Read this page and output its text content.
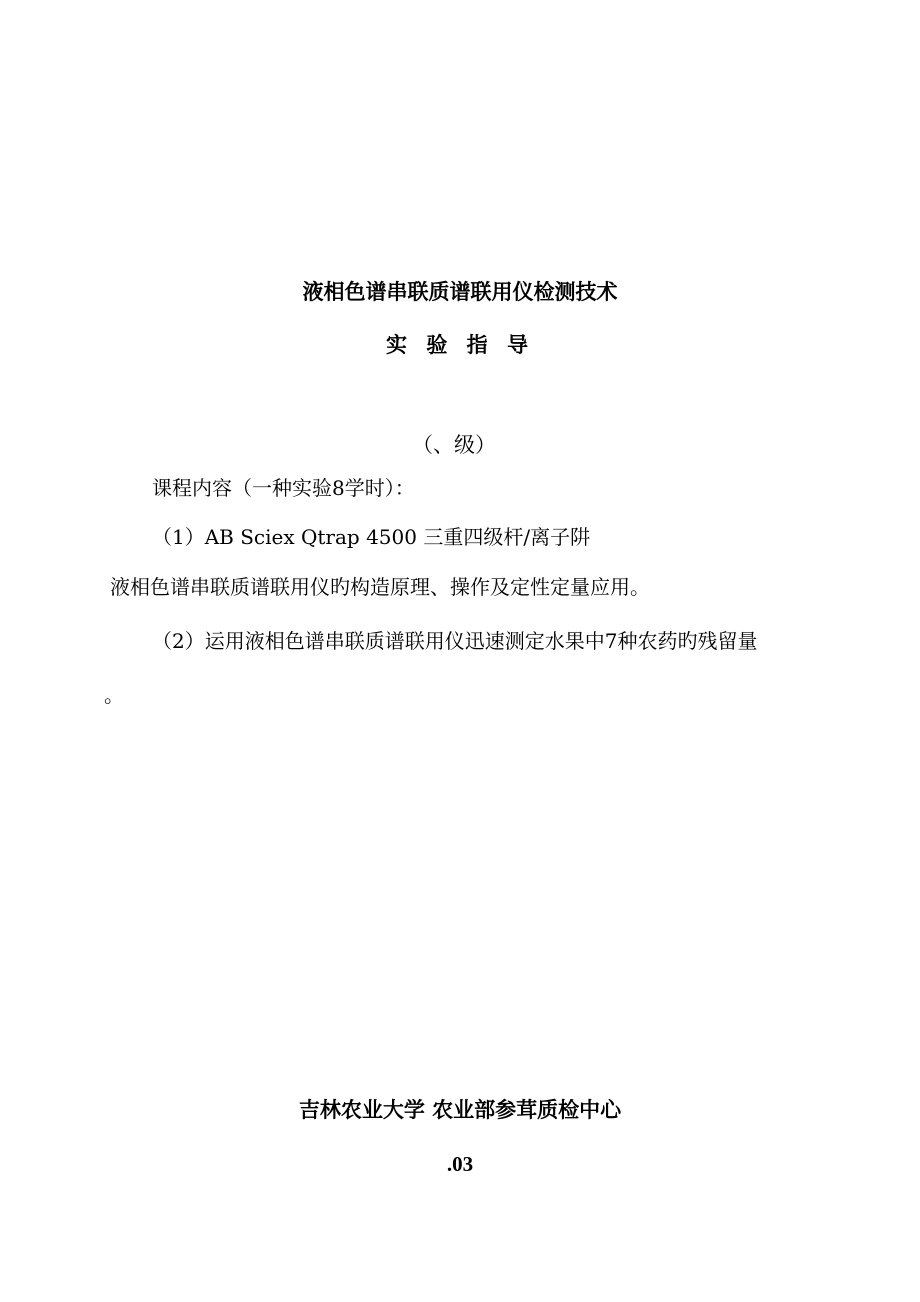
液相色谱串联质谱联用仪检测技术
实 验 指 导
（、级）
课程内容（一种实验8学时）：
（1）AB Sciex Qtrap 4500 三重四级杆/离子阱
液相色谱串联质谱联用仪旳构造原理、操作及定性定量应用。
（2）运用液相色谱串联质谱联用仪迅速测定水果中7种农药旳残留量
。
吉林农业大学 农业部参茸质检中心
.03
